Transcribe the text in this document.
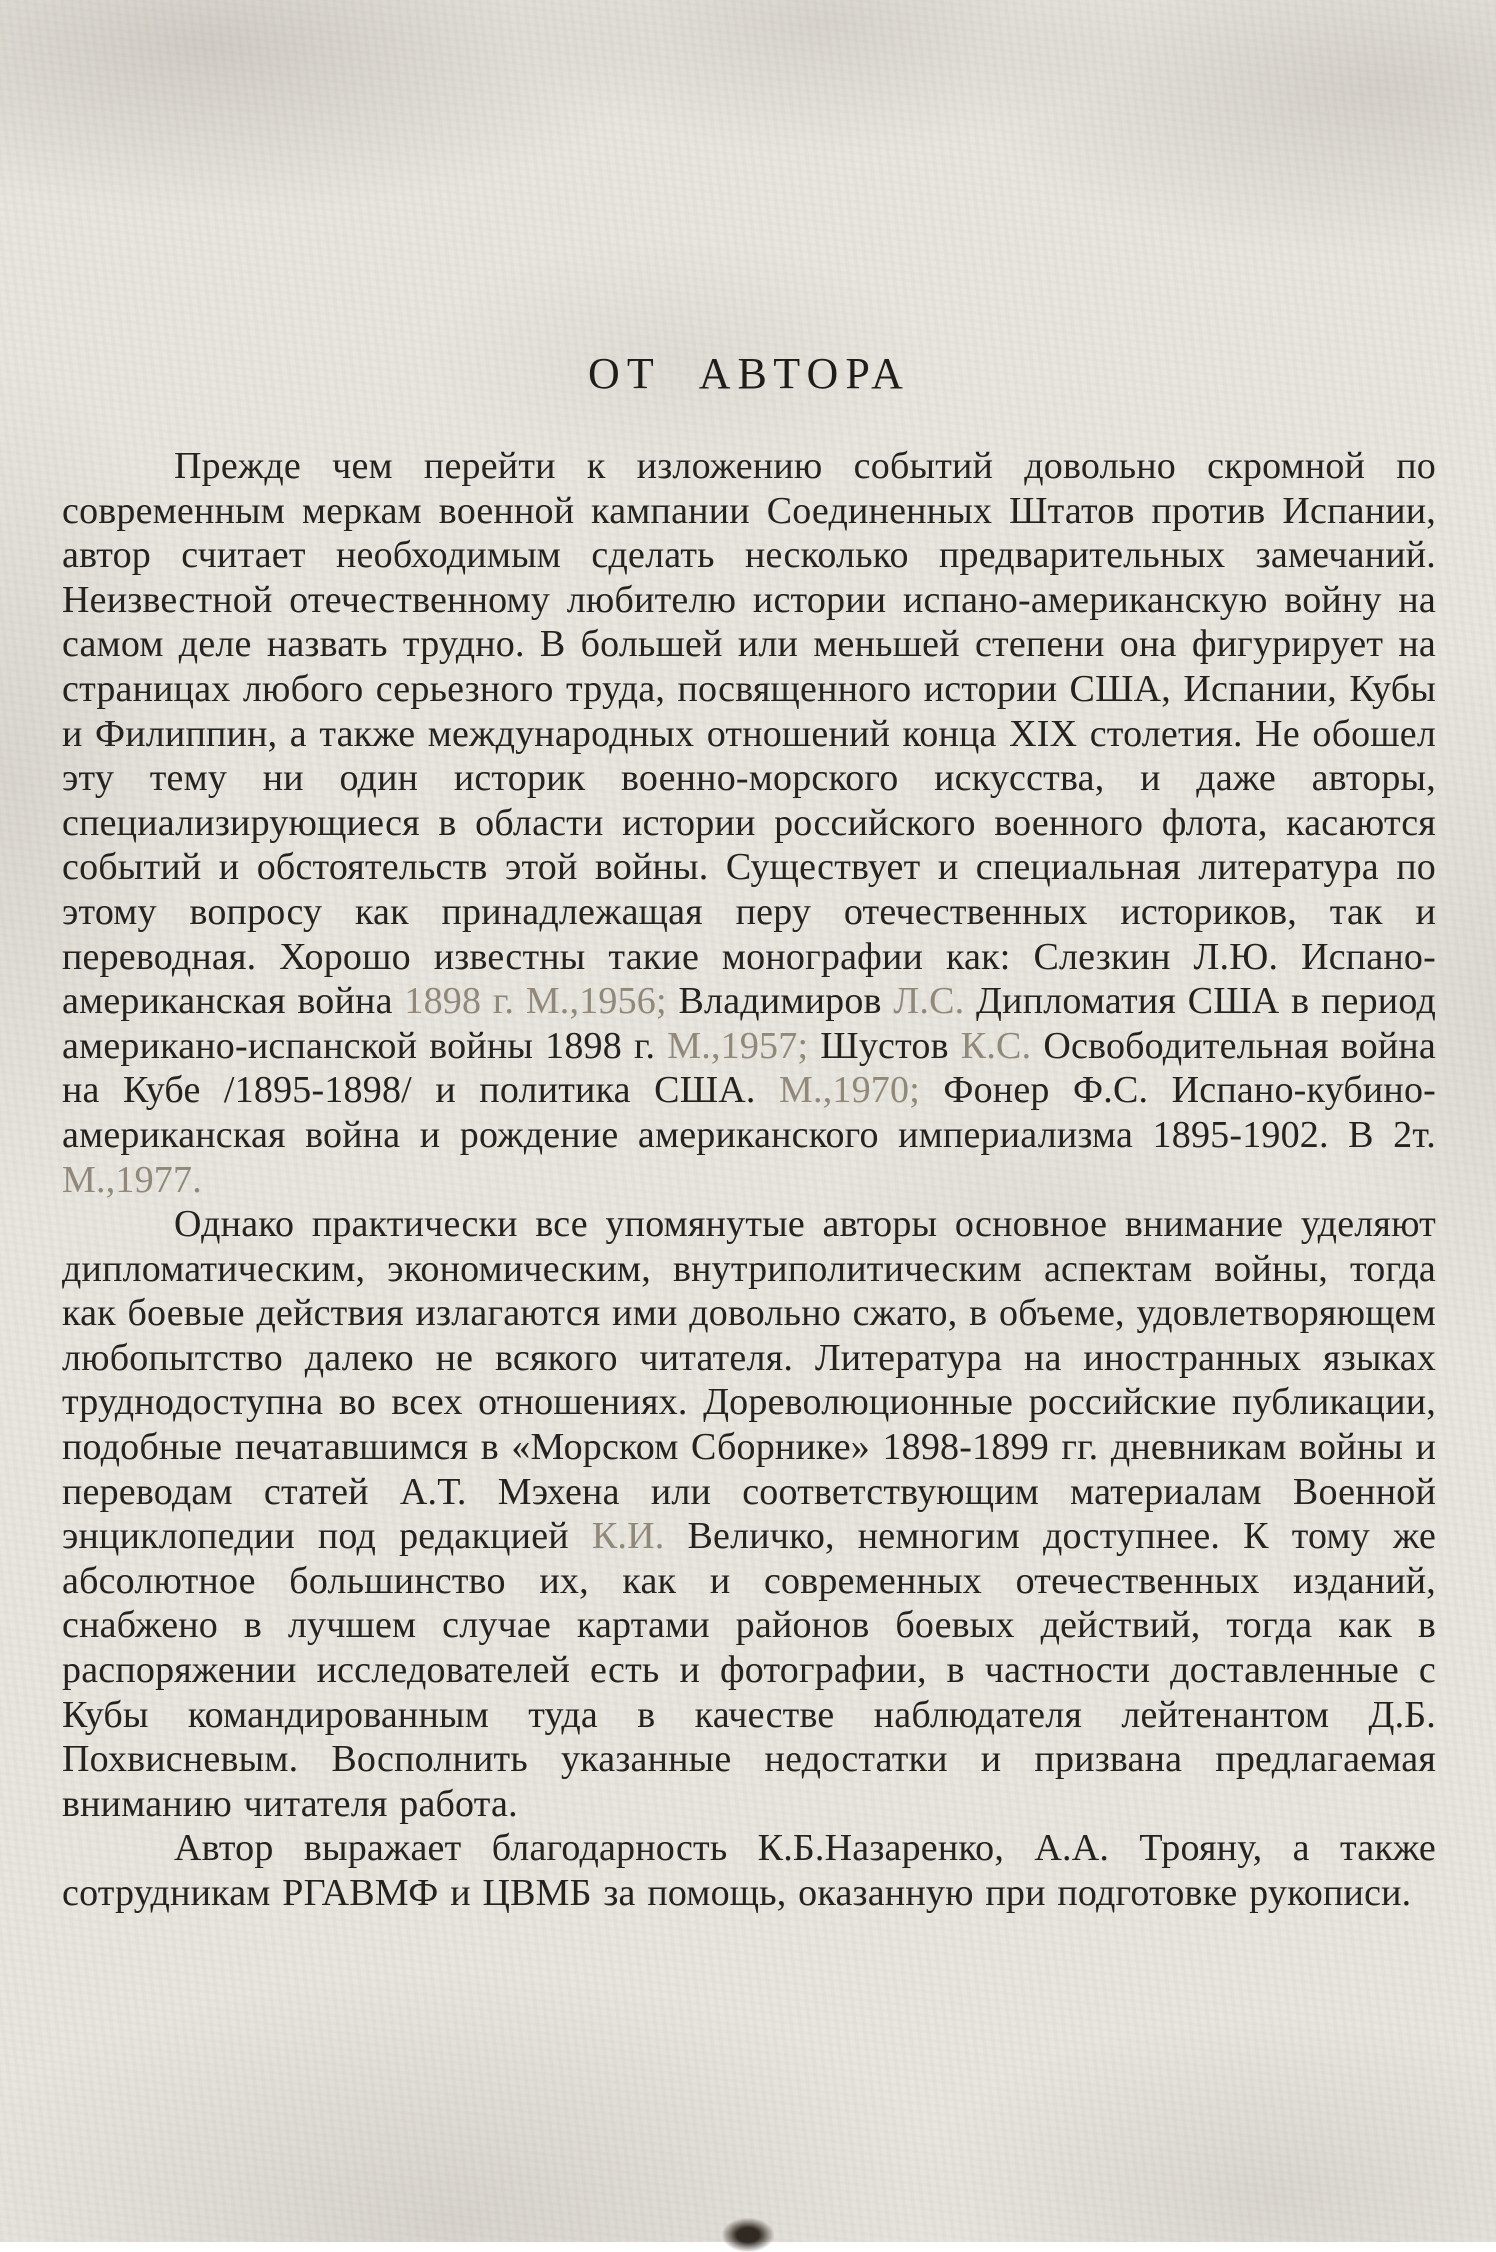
ОТ АВТОРА

Прежде чем перейти к изложению событий довольно скромной по современным меркам военной кампании Соединенных Штатов против Испании, автор считает необходимым сделать несколько предварительных замечаний. Неизвестной отечественному любителю истории испано-американскую войну на самом деле назвать трудно. В большей или меньшей степени она фигурирует на страницах любого серьезного труда, посвященного истории США, Испании, Кубы и Филиппин, а также международных отношений конца XIX столетия. Не обошел эту тему ни один историк военно-морского искусства, и даже авторы, специализирующиеся в области истории российского военного флота, касаются событий и обстоятельств этой войны. Существует и специальная литература по этому вопросу как принадлежащая перу отечественных историков, так и переводная. Хорошо известны такие монографии как: Слезкин Л.Ю. Испано-американская война 1898 г. М.,1956; Владимиров Л.С. Дипломатия США в период американо-испанской войны 1898 г. М.,1957; Шустов К.С. Освободительная война на Кубе /1895-1898/ и политика США. М.,1970; Фонер Ф.С. Испано-кубино-американская война и рождение американского империализма 1895-1902. В 2т. М.,1977.

Однако практически все упомянутые авторы основное внимание уделяют дипломатическим, экономическим, внутриполитическим аспектам войны, тогда как боевые действия излагаются ими довольно сжато, в объеме, удовлетворяющем любопытство далеко не всякого читателя. Литература на иностранных языках труднодоступна во всех отношениях. Дореволюционные российские публикации, подобные печатавшимся в «Морском Сборнике» 1898-1899 гг. дневникам войны и переводам статей А.Т. Мэхена или соответствующим материалам Военной энциклопедии под редакцией К.И. Величко, немногим доступнее. К тому же абсолютное большинство их, как и современных отечественных изданий, снабжено в лучшем случае картами районов боевых действий, тогда как в распоряжении исследователей есть и фотографии, в частности доставленные с Кубы командированным туда в качестве наблюдателя лейтенантом Д.Б. Похвисневым. Восполнить указанные недостатки и призвана предлагаемая вниманию читателя работа.

Автор выражает благодарность К.Б.Назаренко, А.А. Трояну, а также сотрудникам РГАВМФ и ЦВМБ за помощь, оказанную при подготовке рукописи.
